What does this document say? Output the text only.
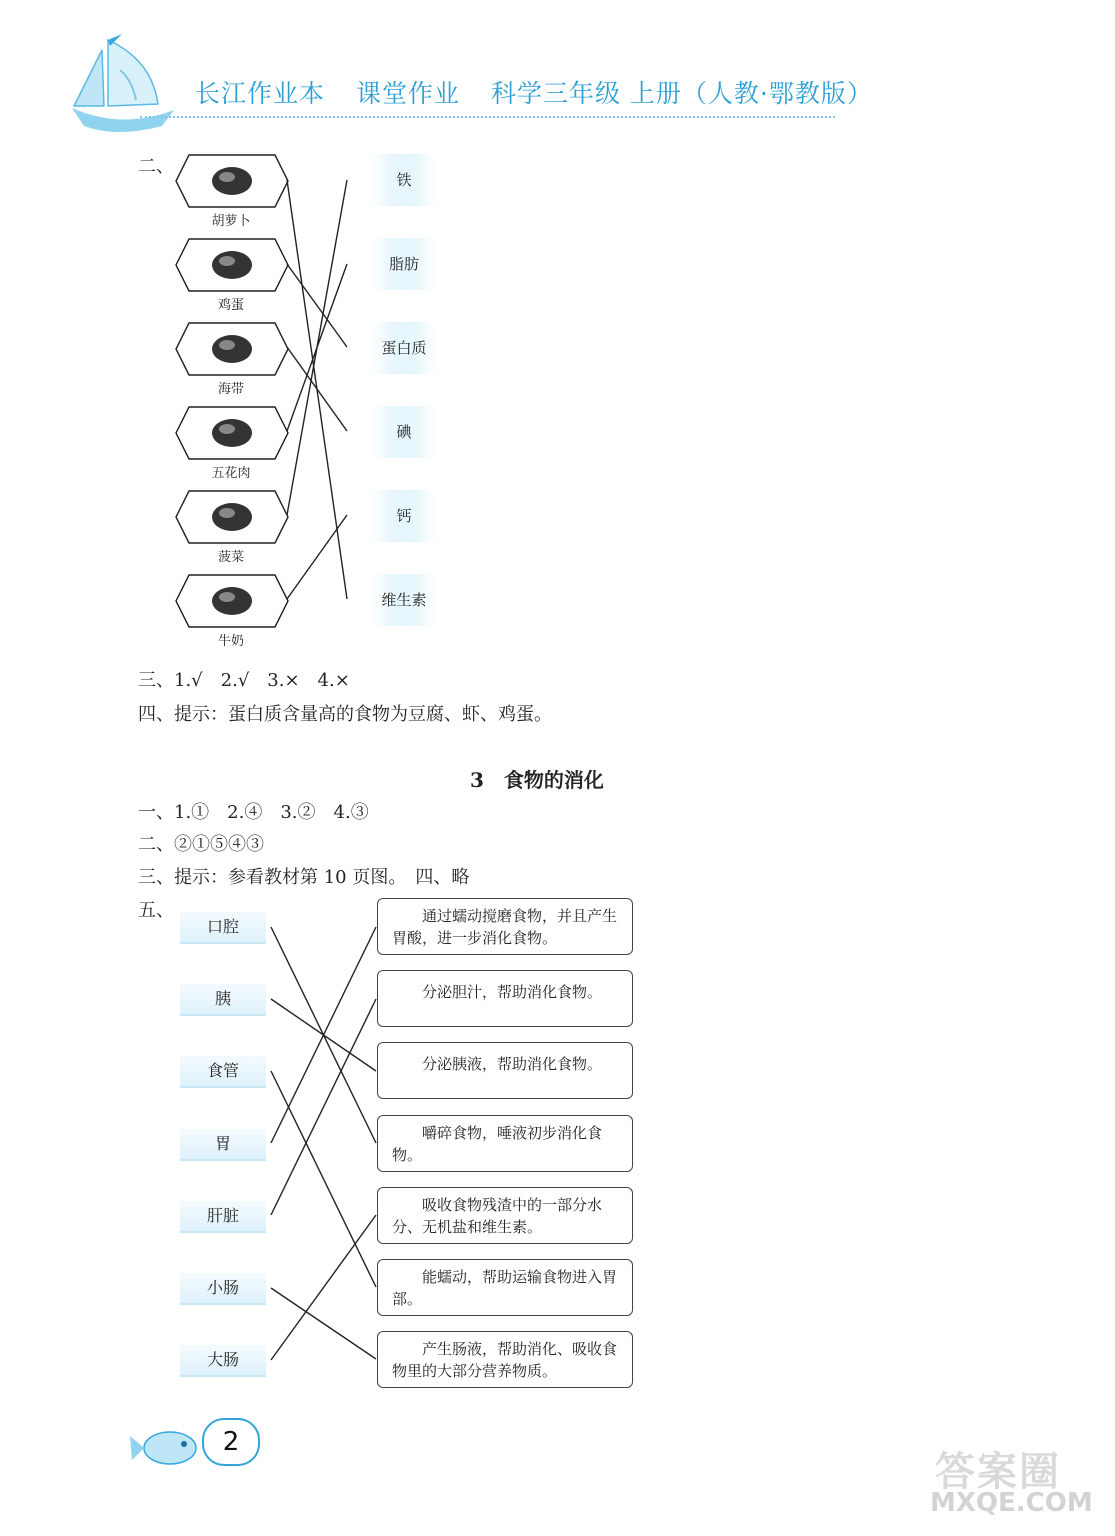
长江作业本 课堂作业 科学三年级 上册（人教·鄂教版）
二、
胡萝卜
鸡蛋
海带
五花肉
菠菜
牛奶
铁
脂肪
蛋白质
碘
钙
维生素
三、1.√　2.√　3.×　4.×
四、提示：蛋白质含量高的食物为豆腐、虾、鸡蛋。
3　食物的消化
一、1.①　2.④　3.②　4.③
二、②①⑤④③
三、提示：参看教材第 10 页图。　四、略
五、
口腔
胰
食管
胃
肝脏
小肠
大肠
通过蠕动搅磨食物，并且产生胃酸，进一步消化食物。
分泌胆汁，帮助消化食物。
分泌胰液，帮助消化食物。
嚼碎食物，唾液初步消化食物。
吸收食物残渣中的一部分水分、无机盐和维生素。
能蠕动，帮助运输食物进入胃部。
产生肠液，帮助消化、吸收食物里的大部分营养物质。
2
答案圈
MXQE.COM
